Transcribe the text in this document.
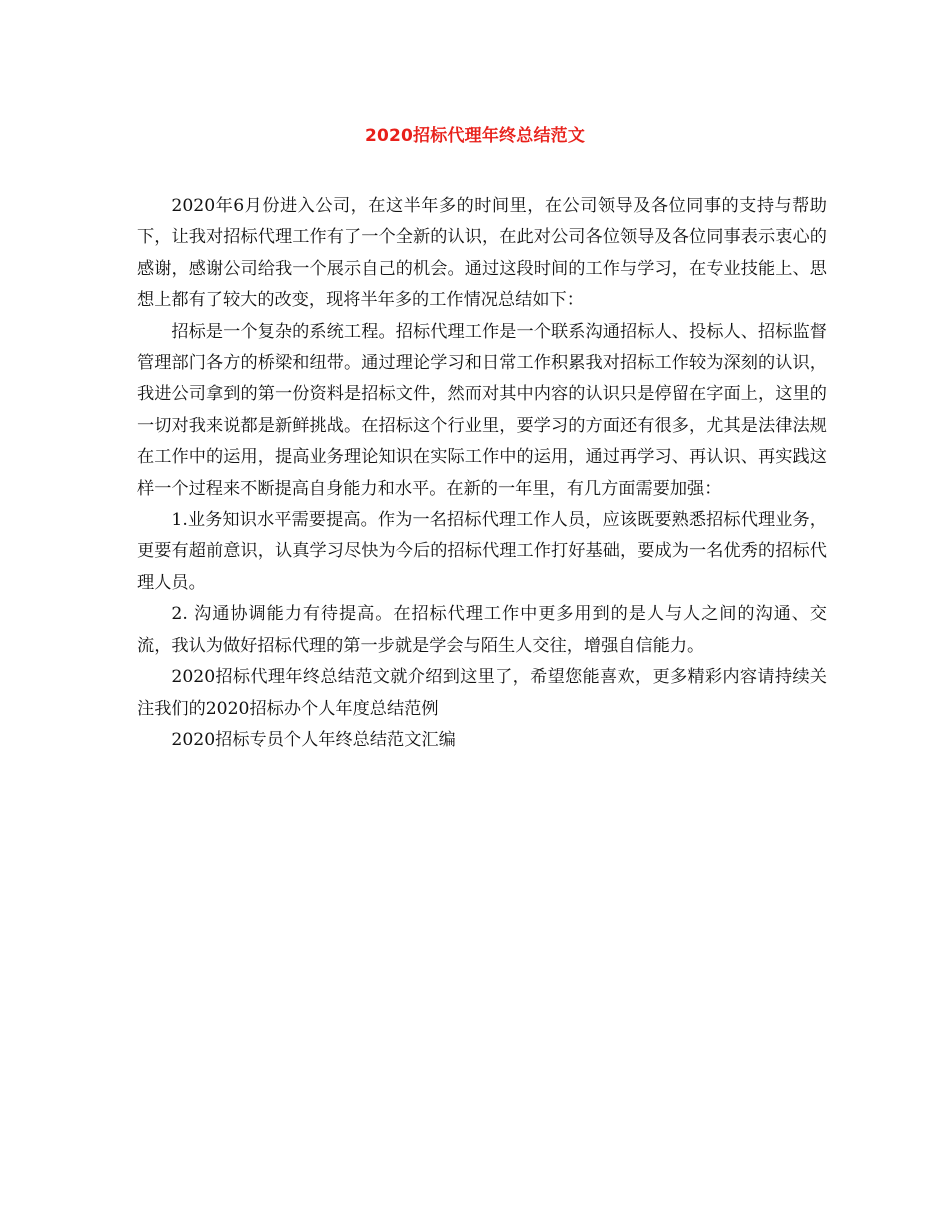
2020招标代理年终总结范文

2020年6月份进入公司，在这半年多的时间里，在公司领导及各位同事的支持与帮助下，让我对招标代理工作有了一个全新的认识，在此对公司各位领导及各位同事表示衷心的感谢，感谢公司给我一个展示自己的机会。通过这段时间的工作与学习，在专业技能上、思想上都有了较大的改变，现将半年多的工作情况总结如下：

招标是一个复杂的系统工程。招标代理工作是一个联系沟通招标人、投标人、招标监督管理部门各方的桥梁和纽带。通过理论学习和日常工作积累我对招标工作较为深刻的认识，我进公司拿到的第一份资料是招标文件，然而对其中内容的认识只是停留在字面上，这里的一切对我来说都是新鲜挑战。在招标这个行业里，要学习的方面还有很多，尤其是法律法规在工作中的运用，提高业务理论知识在实际工作中的运用，通过再学习、再认识、再实践这样一个过程来不断提高自身能力和水平。在新的一年里，有几方面需要加强：

1.业务知识水平需要提高。作为一名招标代理工作人员，应该既要熟悉招标代理业务，更要有超前意识，认真学习尽快为今后的招标代理工作打好基础，要成为一名优秀的招标代理人员。

2. 沟通协调能力有待提高。在招标代理工作中更多用到的是人与人之间的沟通、交流，我认为做好招标代理的第一步就是学会与陌生人交往，增强自信能力。

2020招标代理年终总结范文就介绍到这里了，希望您能喜欢，更多精彩内容请持续关注我们的2020招标办个人年度总结范例

2020招标专员个人年终总结范文汇编
